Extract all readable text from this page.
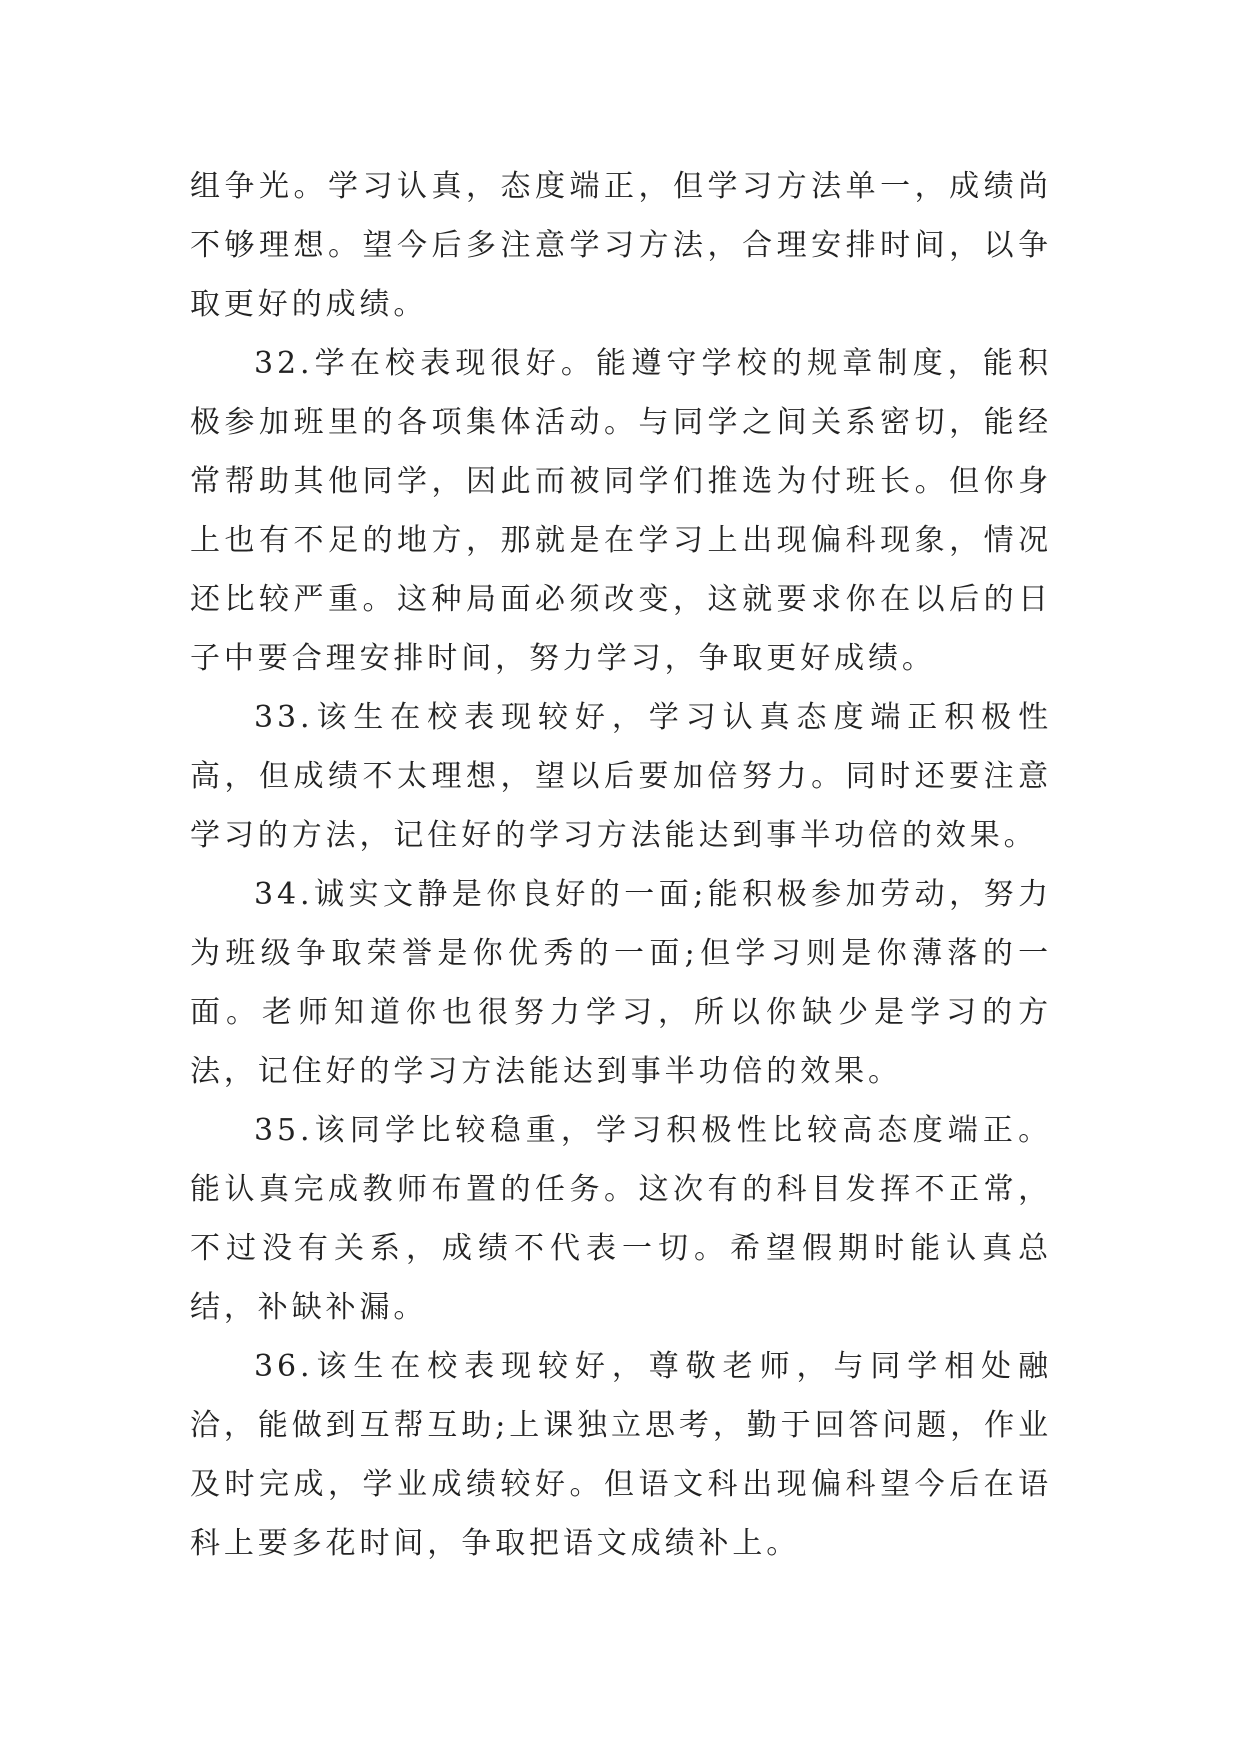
组争光。学习认真，态度端正，但学习方法单一，成绩尚不够理想。望今后多注意学习方法，合理安排时间，以争取更好的成绩。

32.学在校表现很好。能遵守学校的规章制度，能积极参加班里的各项集体活动。与同学之间关系密切，能经常帮助其他同学，因此而被同学们推选为付班长。但你身上也有不足的地方，那就是在学习上出现偏科现象，情况还比较严重。这种局面必须改变，这就要求你在以后的日子中要合理安排时间，努力学习，争取更好成绩。

33.该生在校表现较好，学习认真态度端正积极性高，但成绩不太理想，望以后要加倍努力。同时还要注意学习的方法，记住好的学习方法能达到事半功倍的效果。

34.诚实文静是你良好的一面;能积极参加劳动，努力为班级争取荣誉是你优秀的一面;但学习则是你薄落的一面。老师知道你也很努力学习，所以你缺少是学习的方法，记住好的学习方法能达到事半功倍的效果。

35.该同学比较稳重，学习积极性比较高态度端正。能认真完成教师布置的任务。这次有的科目发挥不正常，不过没有关系，成绩不代表一切。希望假期时能认真总结，补缺补漏。

36.该生在校表现较好，尊敬老师，与同学相处融洽，能做到互帮互助;上课独立思考，勤于回答问题，作业及时完成，学业成绩较好。但语文科出现偏科望今后在语科上要多花时间，争取把语文成绩补上。
